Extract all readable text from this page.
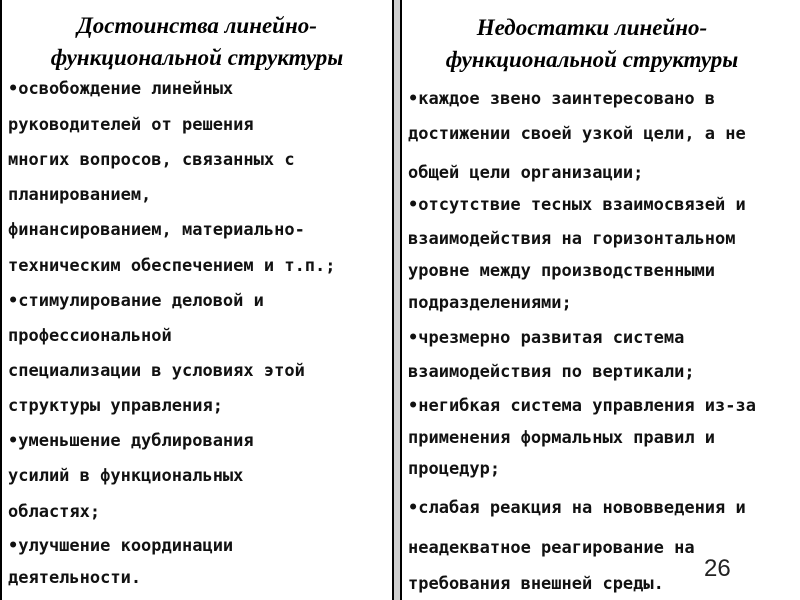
Достоинства линейно-

функциональной структуры

•освобождение линейных
руководителей от решения
многих вопросов, связанных с
планированием,
финансированием, материально-
техническим обеспечением и т.п.;
•стимулирование деловой и
профессиональной
специализации в условиях этой
структуры управления;
•уменьшение дублирования
усилий в функциональных
областях;
•улучшение координации
деятельности.

Недостатки линейно-

функциональной структуры

•каждое звено заинтересовано в
достижении своей узкой цели, а не
общей цели организации;
•отсутствие тесных взаимосвязей и
взаимодействия на горизонтальном
уровне между производственными
подразделениями;
•чрезмерно развитая система
взаимодействия по вертикали;
•негибкая система управления из-за
применения формальных правил и
процедур;
•слабая реакция на нововведения и
неадекватное реагирование на
требования внешней среды.
26
